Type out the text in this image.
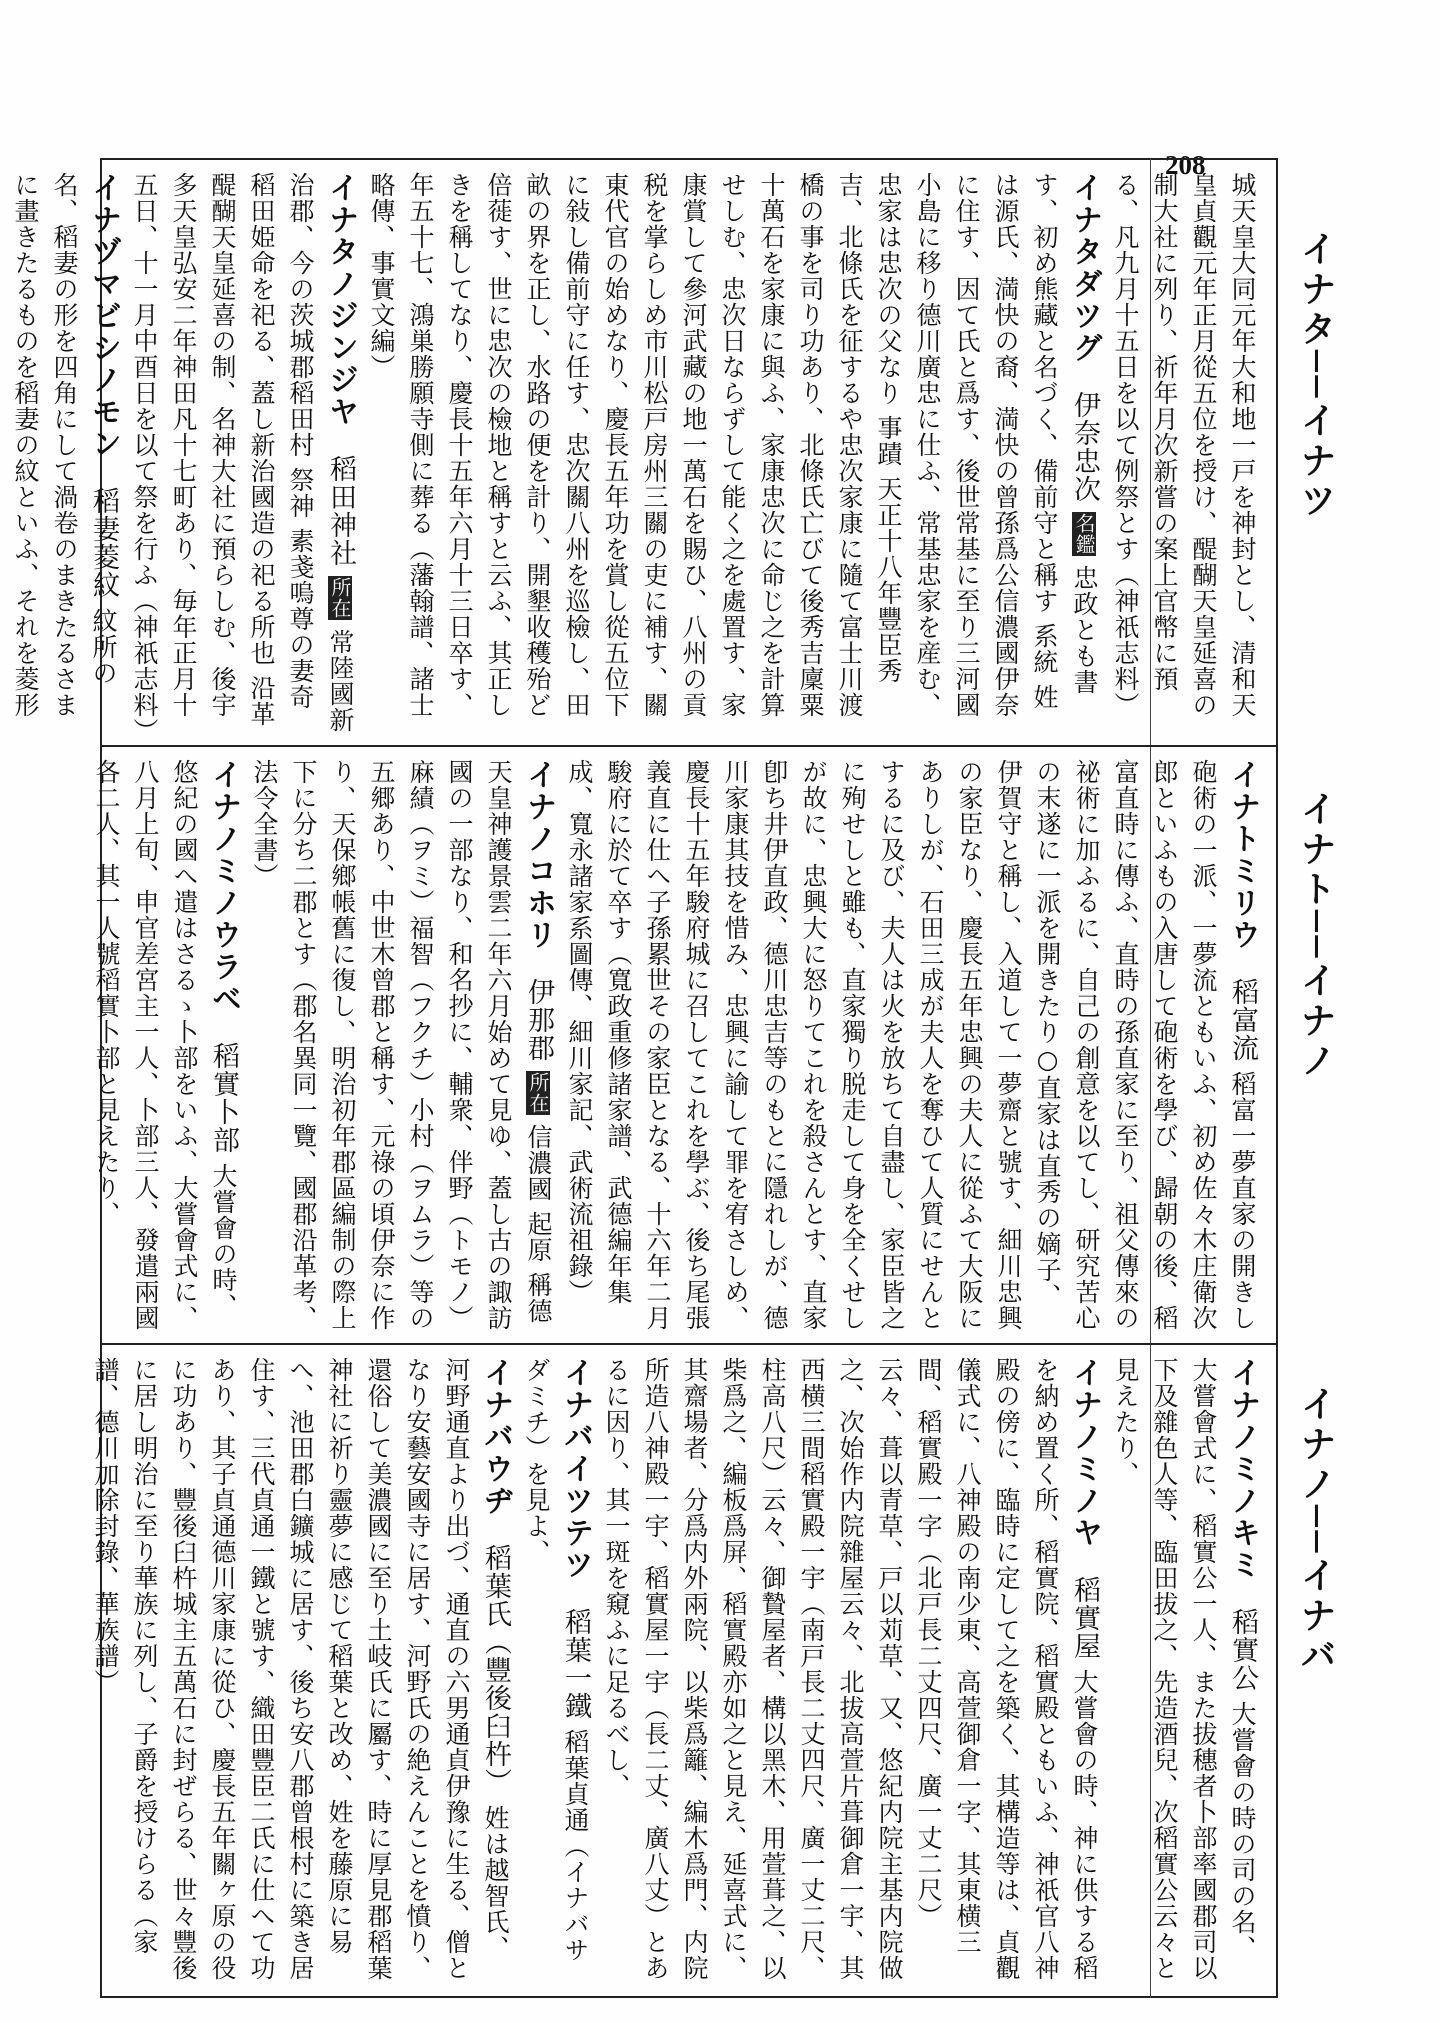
208
イナタ──イナツ
イナト──イナノ
イナノ──イナバ
城天皇大同元年大和地一戸を神封とし、清和天皇貞觀元年正月從五位を授け、醍醐天皇延喜の制大社に列り、祈年月次新嘗の案上官幣に預る、凡九月十五日を以て例祭とす（神祇志料）
イナタダツグ 伊奈忠次 名鑑 忠政とも書す、初め熊藏と名づく、備前守と稱す 系統 姓は源氏、満快の裔、満快の曾孫爲公信濃國伊奈に住す、因て氏と爲す、後世常基に至り三河國小島に移り德川廣忠に仕ふ、常基忠家を産む、忠家は忠次の父なり 事蹟 天正十八年豐臣秀吉、北條氏を征するや忠次家康に隨て富士川渡橋の事を司り功あり、北條氏亡びて後秀吉廩粟十萬石を家康に與ふ、家康忠次に命じ之を計算せしむ、忠次日ならずして能く之を處置す、家康賞して參河武藏の地一萬石を賜ひ、八州の貢税を掌らしめ市川松戸房州三關の吏に補す、關東代官の始めなり、慶長五年功を賞し從五位下に敍し備前守に任す、忠次關八州を巡檢し、田畝の界を正し、水路の便を計り、開墾收穫殆ど倍蓰す、世に忠次の檢地と稱すと云ふ、其正しきを稱してなり、慶長十五年六月十三日卒す、年五十七、鴻巣勝願寺側に葬る（藩翰譜、諸士略傳、事實文編）
イナタノジンジヤ 稻田神社 所在 常陸國新治郡、今の茨城郡稻田村 祭神 素戔嗚尊の妻奇稻田姫命を祀る、蓋し新治國造の祀る所也 沿革 醍醐天皇延喜の制、名神大社に預らしむ、後宇多天皇弘安二年神田凡十七町あり、毎年正月十五日、十一月中酉日を以て祭を行ふ（神祇志料）
イナヅマビシノモン 稻妻菱紋 紋所の名、稻妻の形を四角にして渦卷のまきたるさまに畫きたるものを稻妻の紋といふ、それを菱形
イナトミリウ 稻富流 稻富一夢直家の開きし砲術の一派、一夢流ともいふ、初め佐々木庄衛次郎といふもの入唐して砲術を學び、歸朝の後、稻富直時に傳ふ、直時の孫直家に至り、祖父傳來の祕術に加ふるに、自己の創意を以てし、研究苦心の末遂に一派を開きたり○直家は直秀の嫡子、伊賀守と稱し、入道して一夢齋と號す、細川忠興の家臣なり、慶長五年忠興の夫人に從ふて大阪にありしが、石田三成が夫人を奪ひて人質にせんとするに及び、夫人は火を放ちて自盡し、家臣皆之に殉せしと雖も、直家獨り脱走して身を全くせしが故に、忠興大に怒りてこれを殺さんとす、直家卽ち井伊直政、德川忠吉等のもとに隱れしが、德川家康其技を惜み、忠興に諭して罪を宥さしめ、慶長十五年駿府城に召してこれを學ぶ、後ち尾張義直に仕へ子孫累世その家臣となる、十六年二月駿府に於て卒す（寬政重修諸家譜、武德編年集成、寬永諸家系圖傳、細川家記、武術流祖錄）
イナノコホリ 伊那郡 所在 信濃國 起原 稱德天皇神護景雲二年六月始めて見ゆ、蓋し古の諏訪國の一部なり、和名抄に、輔衆、伴野（トモノ）麻績（ヲミ）福智（フクチ）小村（ヲムラ）等の五郷あり、中世木曾郡と稱す、元祿の頃伊奈に作り、天保鄉帳舊に復し、明治初年郡區編制の際上下に分ち二郡とす（郡名異同一覽、國郡沿革考、法令全書）
イナノミノウラベ 稻實卜部 大嘗會の時、悠紀の國へ遣はさるゝ卜部をいふ、大嘗會式に、八月上旬、申官差宮主一人、卜部三人、發遣兩國各二人、其一人號稻實卜部と見えたり、
イナノミノキミ 稻實公 大嘗會の時の司の名、大嘗會式に、稻實公一人、また拔穗者卜部率國郡司以下及雜色人等、臨田拔之、先造酒兒、次稻實公云々と見えたり、
イナノミノヤ 稻實屋 大嘗會の時、神に供する稻を納め置く所、稻實院、稻實殿ともいふ、神祇官八神殿の傍に、臨時に定して之を築く、其構造等は、貞觀儀式に、八神殿の南少東、高萱御倉一字、其東横三間、稻實殿一字（北戸長二丈四尺、廣一丈二尺）云々、葺以青草、戸以苅草、又、悠紀内院主基内院做之、次始作内院雜屋云々、北拔高萱片葺御倉一宇、其西横三間稻實殿一宇（南戸長二丈四尺、廣一丈二尺、柱高八尺）云々、御贄屋者、構以黑木、用萱葺之、以柴爲之、編板爲屏、稻實殿亦如之と見え、延喜式に、其齋場者、分爲内外兩院、以柴爲籬、編木爲門、内院所造八神殿一宇、稻實屋一宇（長二丈、廣八丈）とあるに因り、其一斑を窺ふに足るべし、
イナバイツテツ 稻葉一鐵 稻葉貞通（イナバサダミチ）を見よ、
イナバウヂ 稻葉氏（豐後臼杵） 姓は越智氏、河野通直より出づ、通直の六男通貞伊豫に生る、僧となり安藝安國寺に居す、河野氏の絶えんことを憤り、還俗して美濃國に至り土岐氏に屬す、時に厚見郡稻葉神社に祈り靈夢に感じて稻葉と改め、姓を藤原に易へ、池田郡白鑛城に居す、後ち安八郡曾根村に築き居住す、三代貞通一鐵と號す、織田豐臣二氏に仕へて功あり、其子貞通德川家康に從ひ、慶長五年關ヶ原の役に功あり、豐後臼杵城主五萬石に封ぜらる、世々豐後に居し明治に至り華族に列し、子爵を授けらる（家譜、德川加除封錄、華族譜）
